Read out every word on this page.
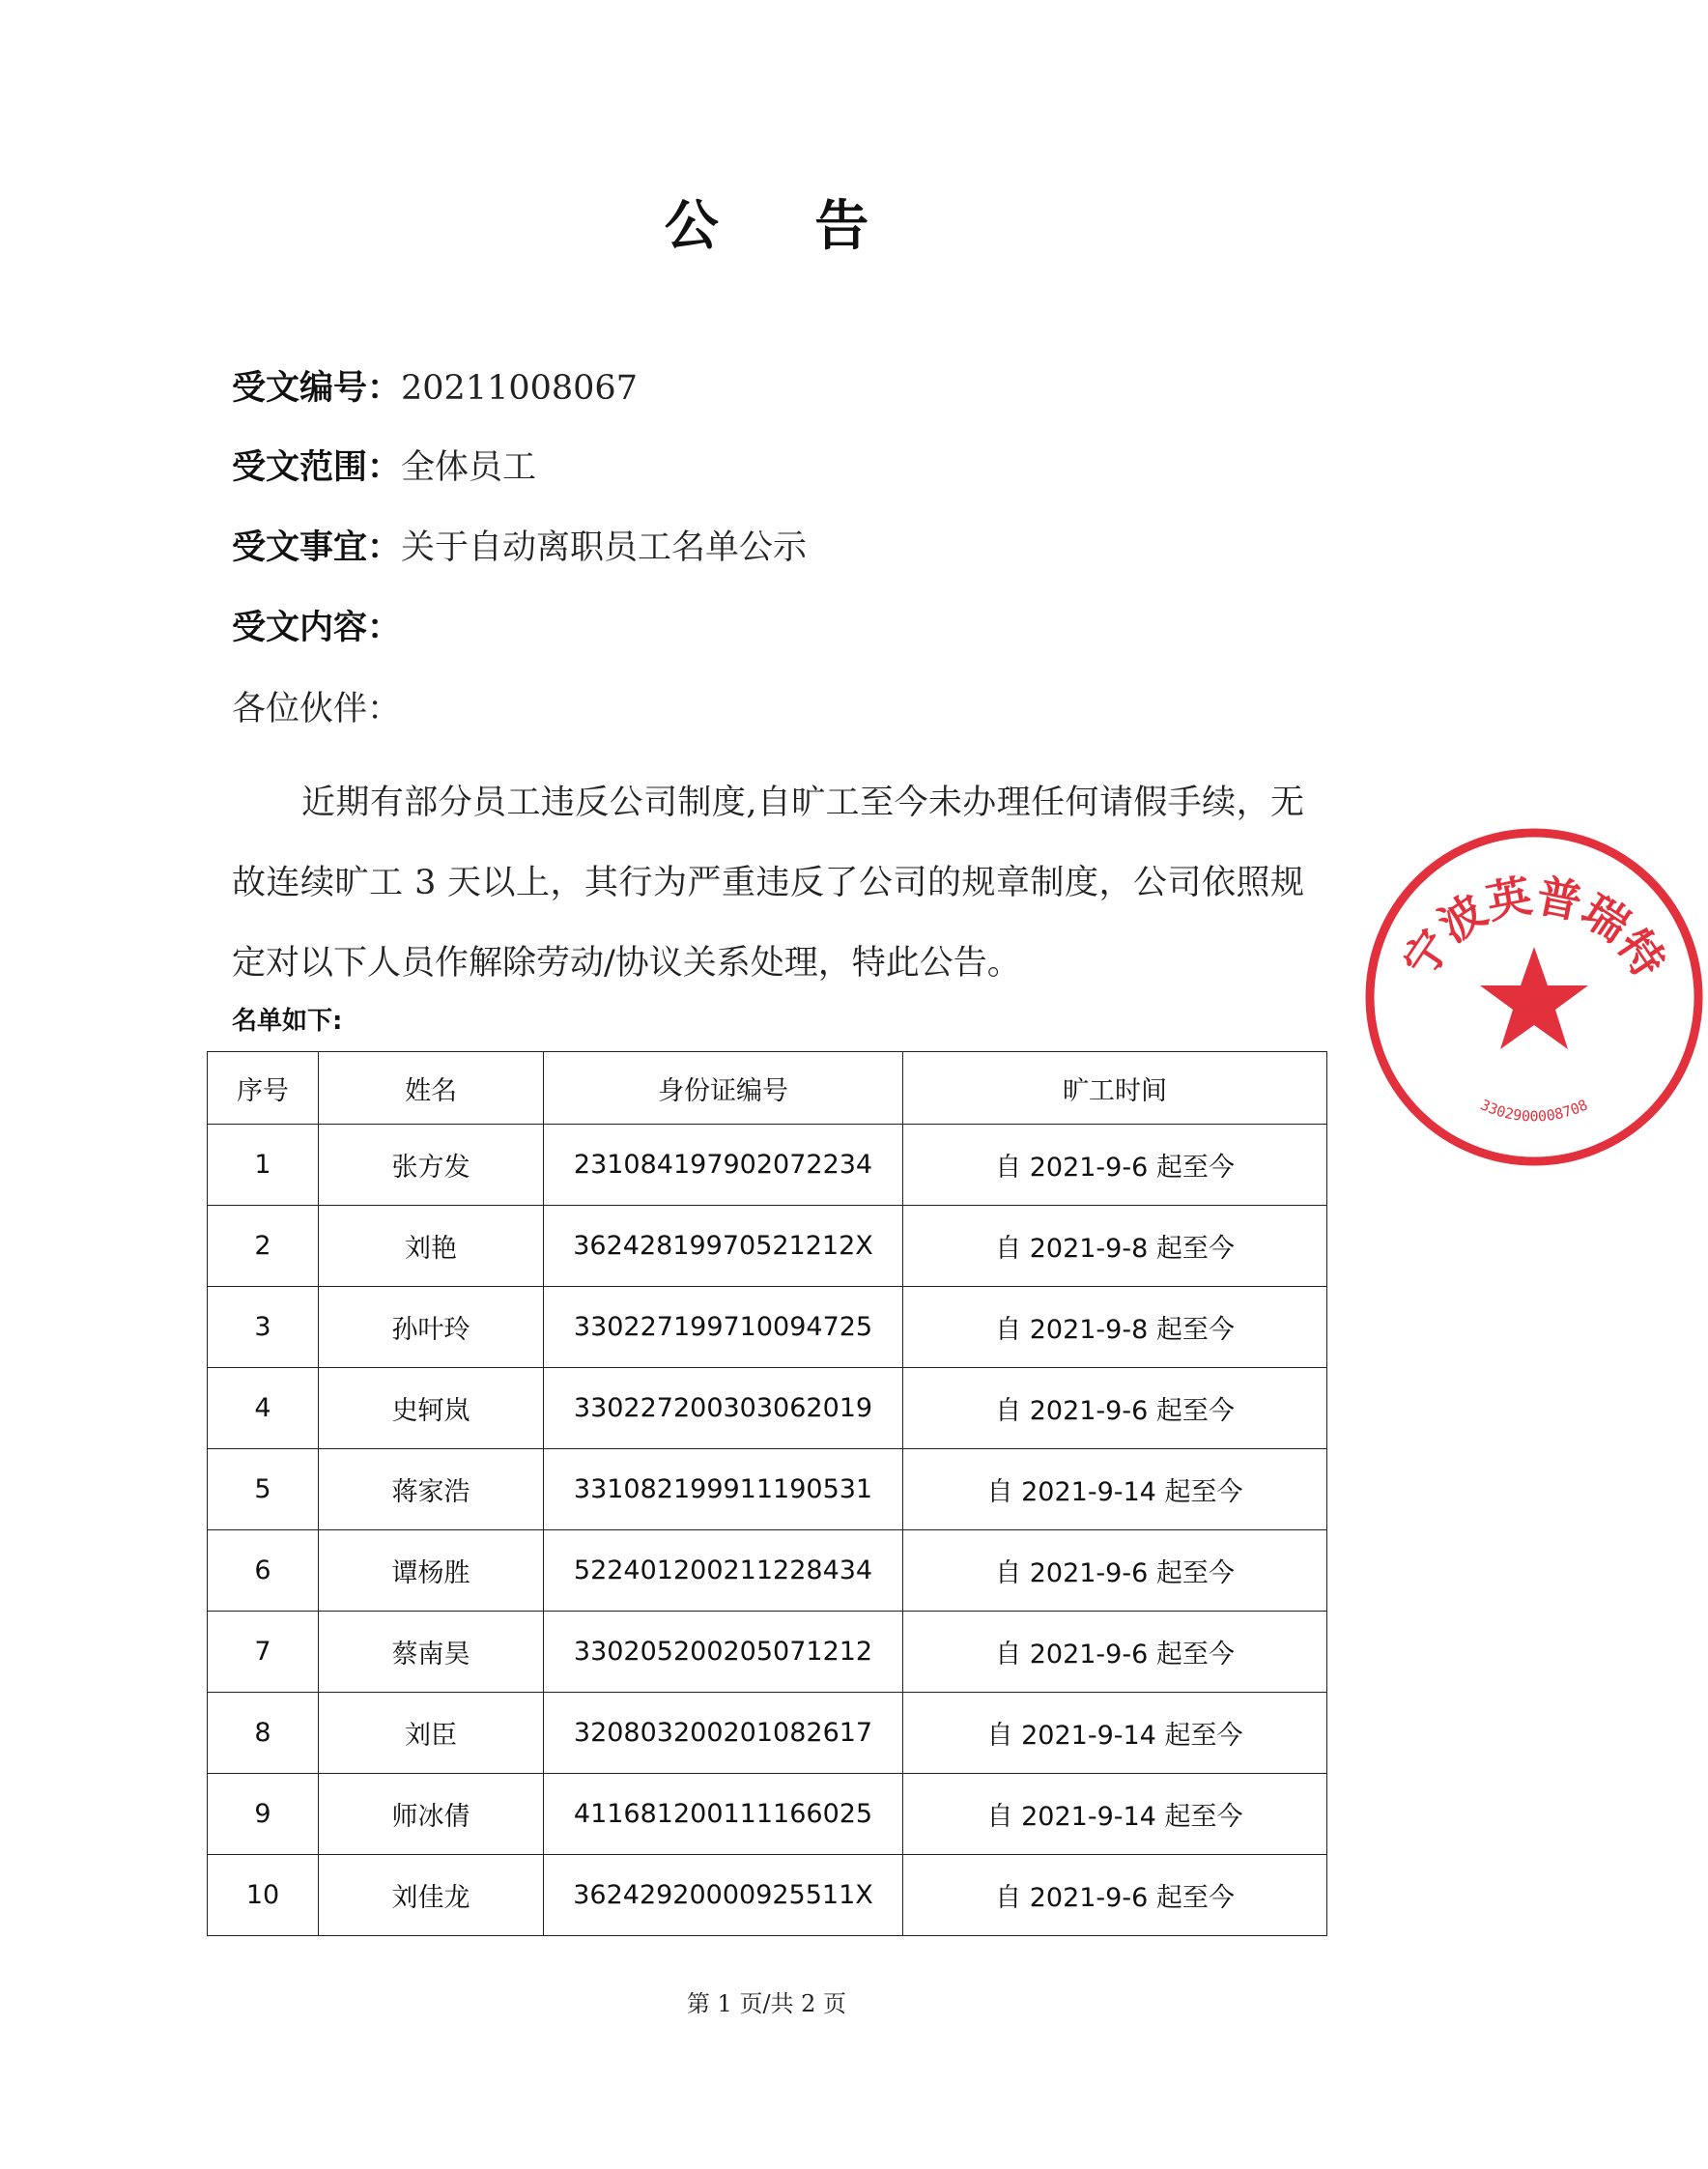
公 告
受文编号：20211008067
受文范围：全体员工
受文事宜：关于自动离职员工名单公示
受文内容：
各位伙伴：
近期有部分员工违反公司制度,自旷工至今未办理任何请假手续，无故连续旷工 3 天以上，其行为严重违反了公司的规章制度，公司依照规定对以下人员作解除劳动/协议关系处理，特此公告。
名单如下:
序号	姓名	身份证编号	旷工时间
1	张方发	231084197902072234	自 2021-9-6 起至今
2	刘艳	36242819970521212X	自 2021-9-8 起至今
3	孙叶玲	330227199710094725	自 2021-9-8 起至今
4	史轲岚	330227200303062019	自 2021-9-6 起至今
5	蒋家浩	331082199911190531	自 2021-9-14 起至今
6	谭杨胜	522401200211228434	自 2021-9-6 起至今
7	蔡南昊	330205200205071212	自 2021-9-6 起至今
8	刘臣	320803200201082617	自 2021-9-14 起至今
9	师冰倩	411681200111166025	自 2021-9-14 起至今
10	刘佳龙	36242920000925511X	自 2021-9-6 起至今
第 1 页/共 2 页
宁波英普瑞特
3302900008708
